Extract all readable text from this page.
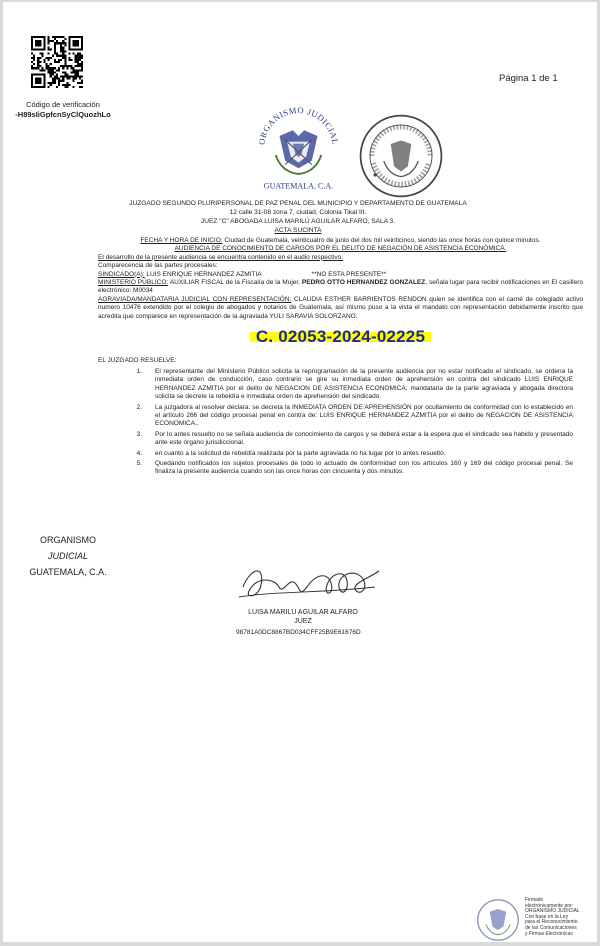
Código de verificación
-H89sIiGpfcnSyClQuozhLo
Página 1 de 1
ORGANISMO JUDICIAL
GUATEMALA, C.A.
JUZGADO SEGUNDO PLURIPERSONAL DE PAZ PENAL DEL MUNICIPIO Y DEPARTAMENTO DE GUATEMALA
12 calle 31-08 zona 7, ciudad, Colonia Tikal III.
JUEZ "C" ABOGADA LUISA MARILÚ AGUILAR ALFARO, SALA 3.
ACTA SUCINTA

FECHA Y HORA DE INICIO: Ciudad de Guatemala, veinticuatro de junio del dos mil veinticinco, siendo las once horas con quince minutos.

AUDIENCIA DE CONOCIMIENTO DE CARGOS POR EL DELITO DE NEGACIÓN DE ASISTENCIA ECONÓMICA.

El desarrollo de la presente audiencia se encuentra contenido en el audio respectivo.

Comparecencia de las partes procesales:

SINDICADO(A): LUIS ENRIQUE HERNANDEZ AZMITIA	**NO ESTA PRESENTE**

MINISTERIO PÚBLICO: AUXILIAR FISCAL de la Fiscalía de la Mujer, PEDRO OTTO HERNANDEZ GONZALEZ, señala lugar para recibir notificaciones en El casillero electrónico: M0034

AGRAVIADA/MANDATARIA JUDICIAL CON REPRESENTACIÓN: CLAUDIA ESTHER BARRIENTOS RENDON quien se identifica con el carné de colegiado activo numero 10476 extendido por el colegio de abogados y notarios de Guatemala, así mismo puso a la vista el mandato con representación debidamente inscrito que acredita que comparece en representación de la agraviada YULI SARAVIA SOLORZANO.

C. 02053-2024-02225

EL JUZGADO RESUELVE:

1.	El representante del Ministerio Público solicita la reprogramación de la presente audiencia por no estar notificado el sindicado, se ordena la inmediata orden de conducción, caso contrario se gire su inmediata orden de aprehensión en contra del sindicado LUIS ENRIQUE HERNANDEZ AZMITIA por el delito de NEGACION DE ASISTENCIA ECONOMICA; mandataria de la parte agraviada y abogada directora solicita se decrete la rebeldía e inmediata orden de aprehensión del sindicado.
2.	La juzgadora al resolver declara: se decreta la INMEDIATA ORDEN DE APREHENSIÓN por ocultamiento de conformidad con lo establecido en el artículo 266 del código procesal penal en contra de: LUIS ENRIQUE HERNANDEZ AZMITIA por el delito de NEGACION DE ASISTENCIA ECONOMICA..
3.	Por lo antes resuelto no se señala audiencia de conocimiento de cargos y se deberá estar a la espera que el sindicado sea habido y presentado ante este órgano jurisdiccional.
4.	en cuanto a la solicitud de rebeldía realizada por la parte agraviada no ha lugar por lo antes resuelto.
5.	Quedando notificados los sujetos procesales de todo lo actuado de conformidad con los artículos 160 y 169 del código procesal penal. Se finaliza la presente audiencia cuando son las once horas con cincuenta y dos minutos.
ORGANISMO
JUDICIAL
GUATEMALA, C.A.
LUISA MARILU AGUILAR ALFARO
JUEZ
98781A0DC8867BD034CFF25B9E61676D
Firmado
electrónicamente por:
ORGANISMO JUDICIAL
Con base en la Ley
para el Reconocimiento
de las Comunicaciones
y Firmas Electrónicas
